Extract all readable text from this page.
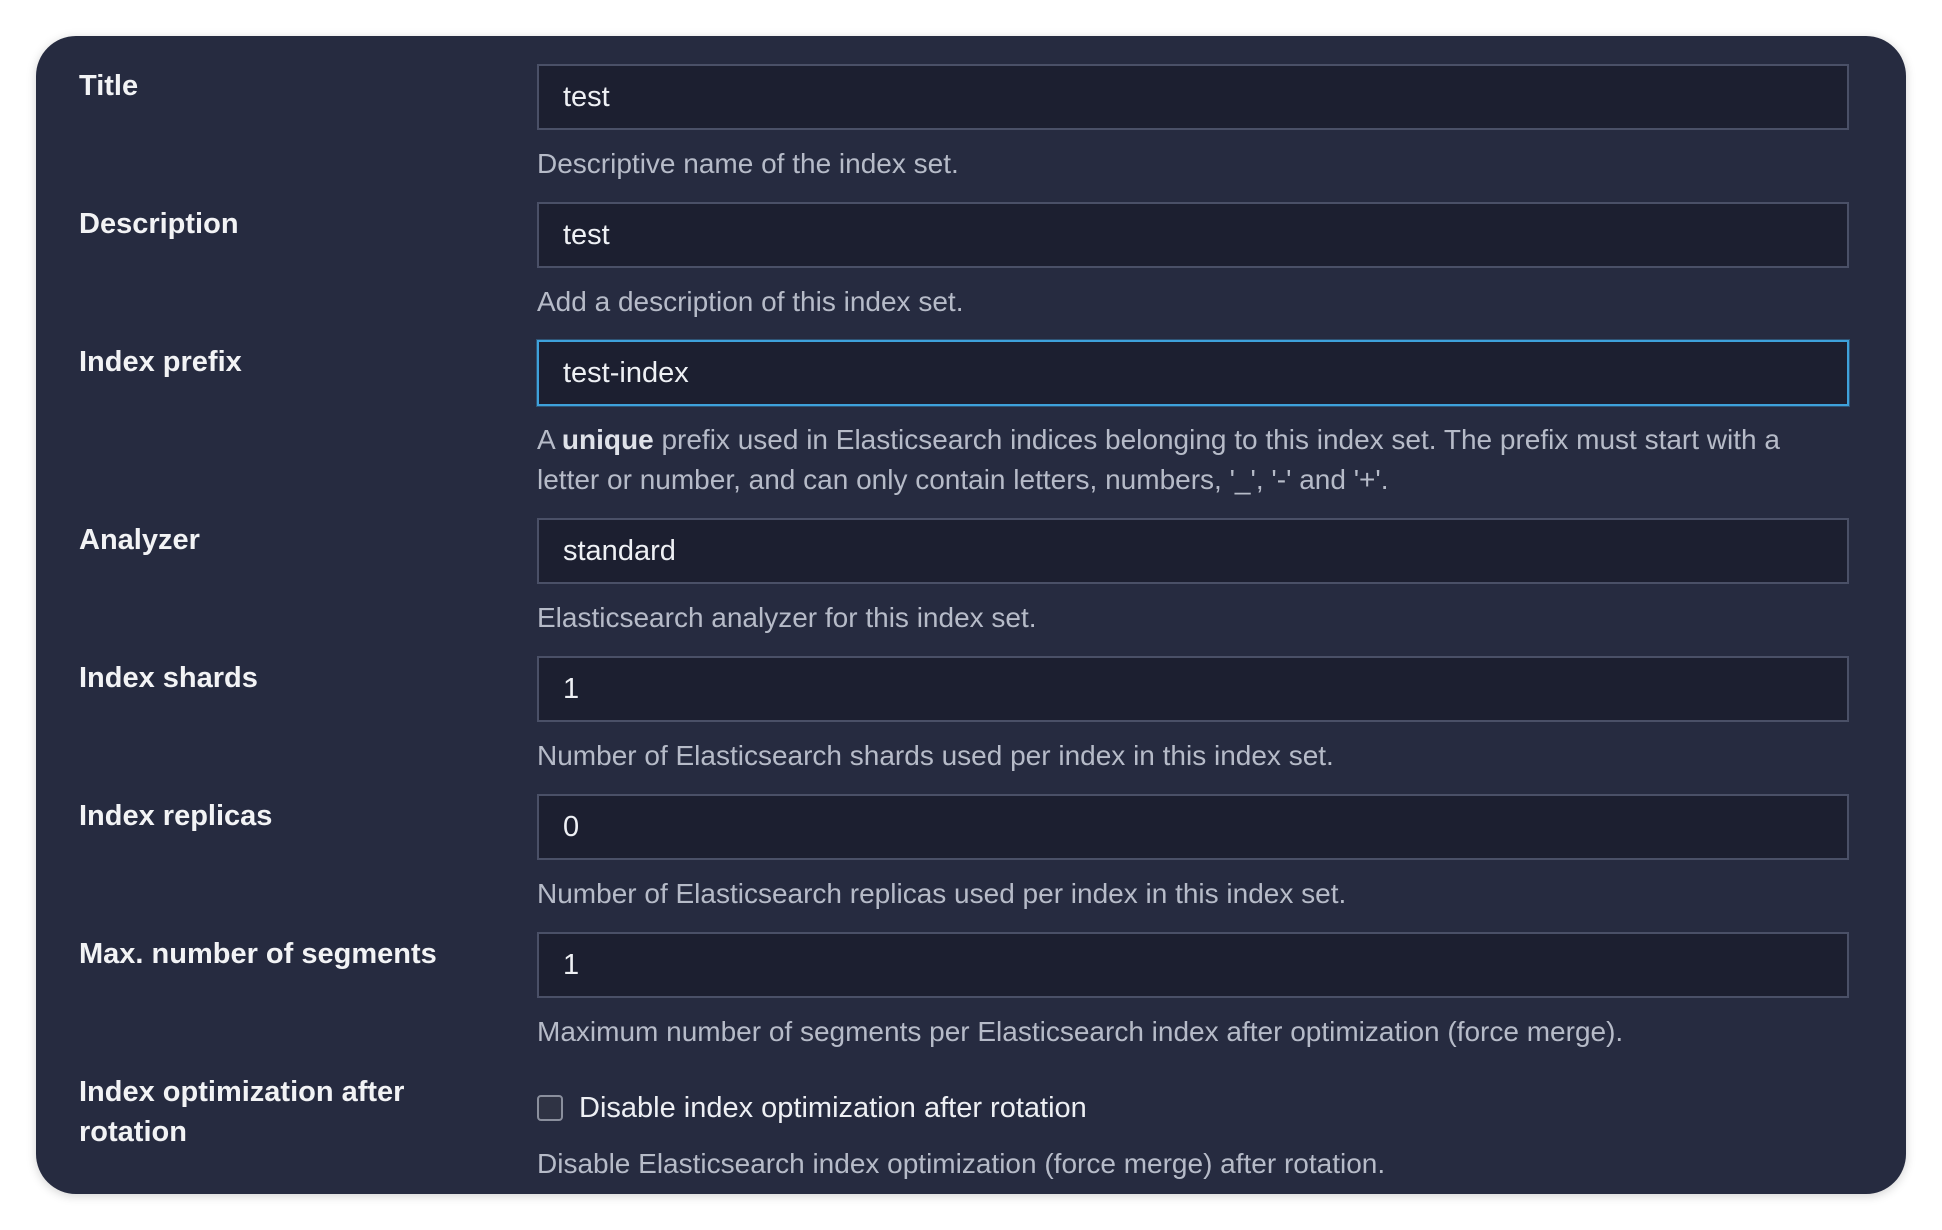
Title
test
Descriptive name of the index set.
Description
test
Add a description of this index set.
Index prefix
test-index
A unique prefix used in Elasticsearch indices belonging to this index set. The prefix must start with a letter or number, and can only contain letters, numbers, '_', '-' and '+'.
Analyzer
standard
Elasticsearch analyzer for this index set.
Index shards
1
Number of Elasticsearch shards used per index in this index set.
Index replicas
0
Number of Elasticsearch replicas used per index in this index set.
Max. number of segments
1
Maximum number of segments per Elasticsearch index after optimization (force merge).
Index optimization after rotation
Disable index optimization after rotation
Disable Elasticsearch index optimization (force merge) after rotation.
